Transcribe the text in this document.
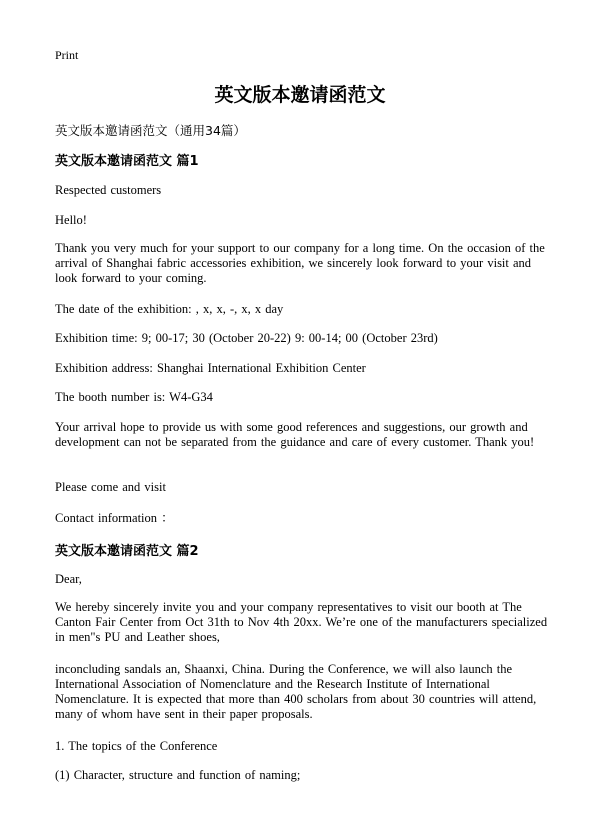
Print
英文版本邀请函范文
英文版本邀请函范文（通用34篇）
英文版本邀请函范文 篇1
Respected customers
Hello!
Thank you very much for your support to our company for a long time. On the occasion of the arrival of Shanghai fabric accessories exhibition, we sincerely look forward to your visit and look forward to your coming.
The date of the exhibition: , x, x, -, x, x day
Exhibition time: 9; 00-17; 30 (October 20-22) 9: 00-14; 00 (October 23rd)
Exhibition address: Shanghai International Exhibition Center
The booth number is: W4-G34
Your arrival hope to provide us with some good references and suggestions, our growth and development can not be separated from the guidance and care of every customer. Thank you!
Please come and visit
Contact information ：
英文版本邀请函范文 篇2
Dear,
We hereby sincerely invite you and your company representatives to visit our booth at The Canton Fair Center from Oct 31th to Nov 4th 20xx. We’re one of the manufacturers specialized in men"s PU and Leather shoes,
inconcluding sandals an, Shaanxi, China. During the Conference, we will also launch the International Association of Nomenclature and the Research Institute of International Nomenclature. It is expected that more than 400 scholars from about 30 countries will attend, many of whom have sent in their paper proposals.
1. The topics of the Conference
(1) Character, structure and function of naming;
